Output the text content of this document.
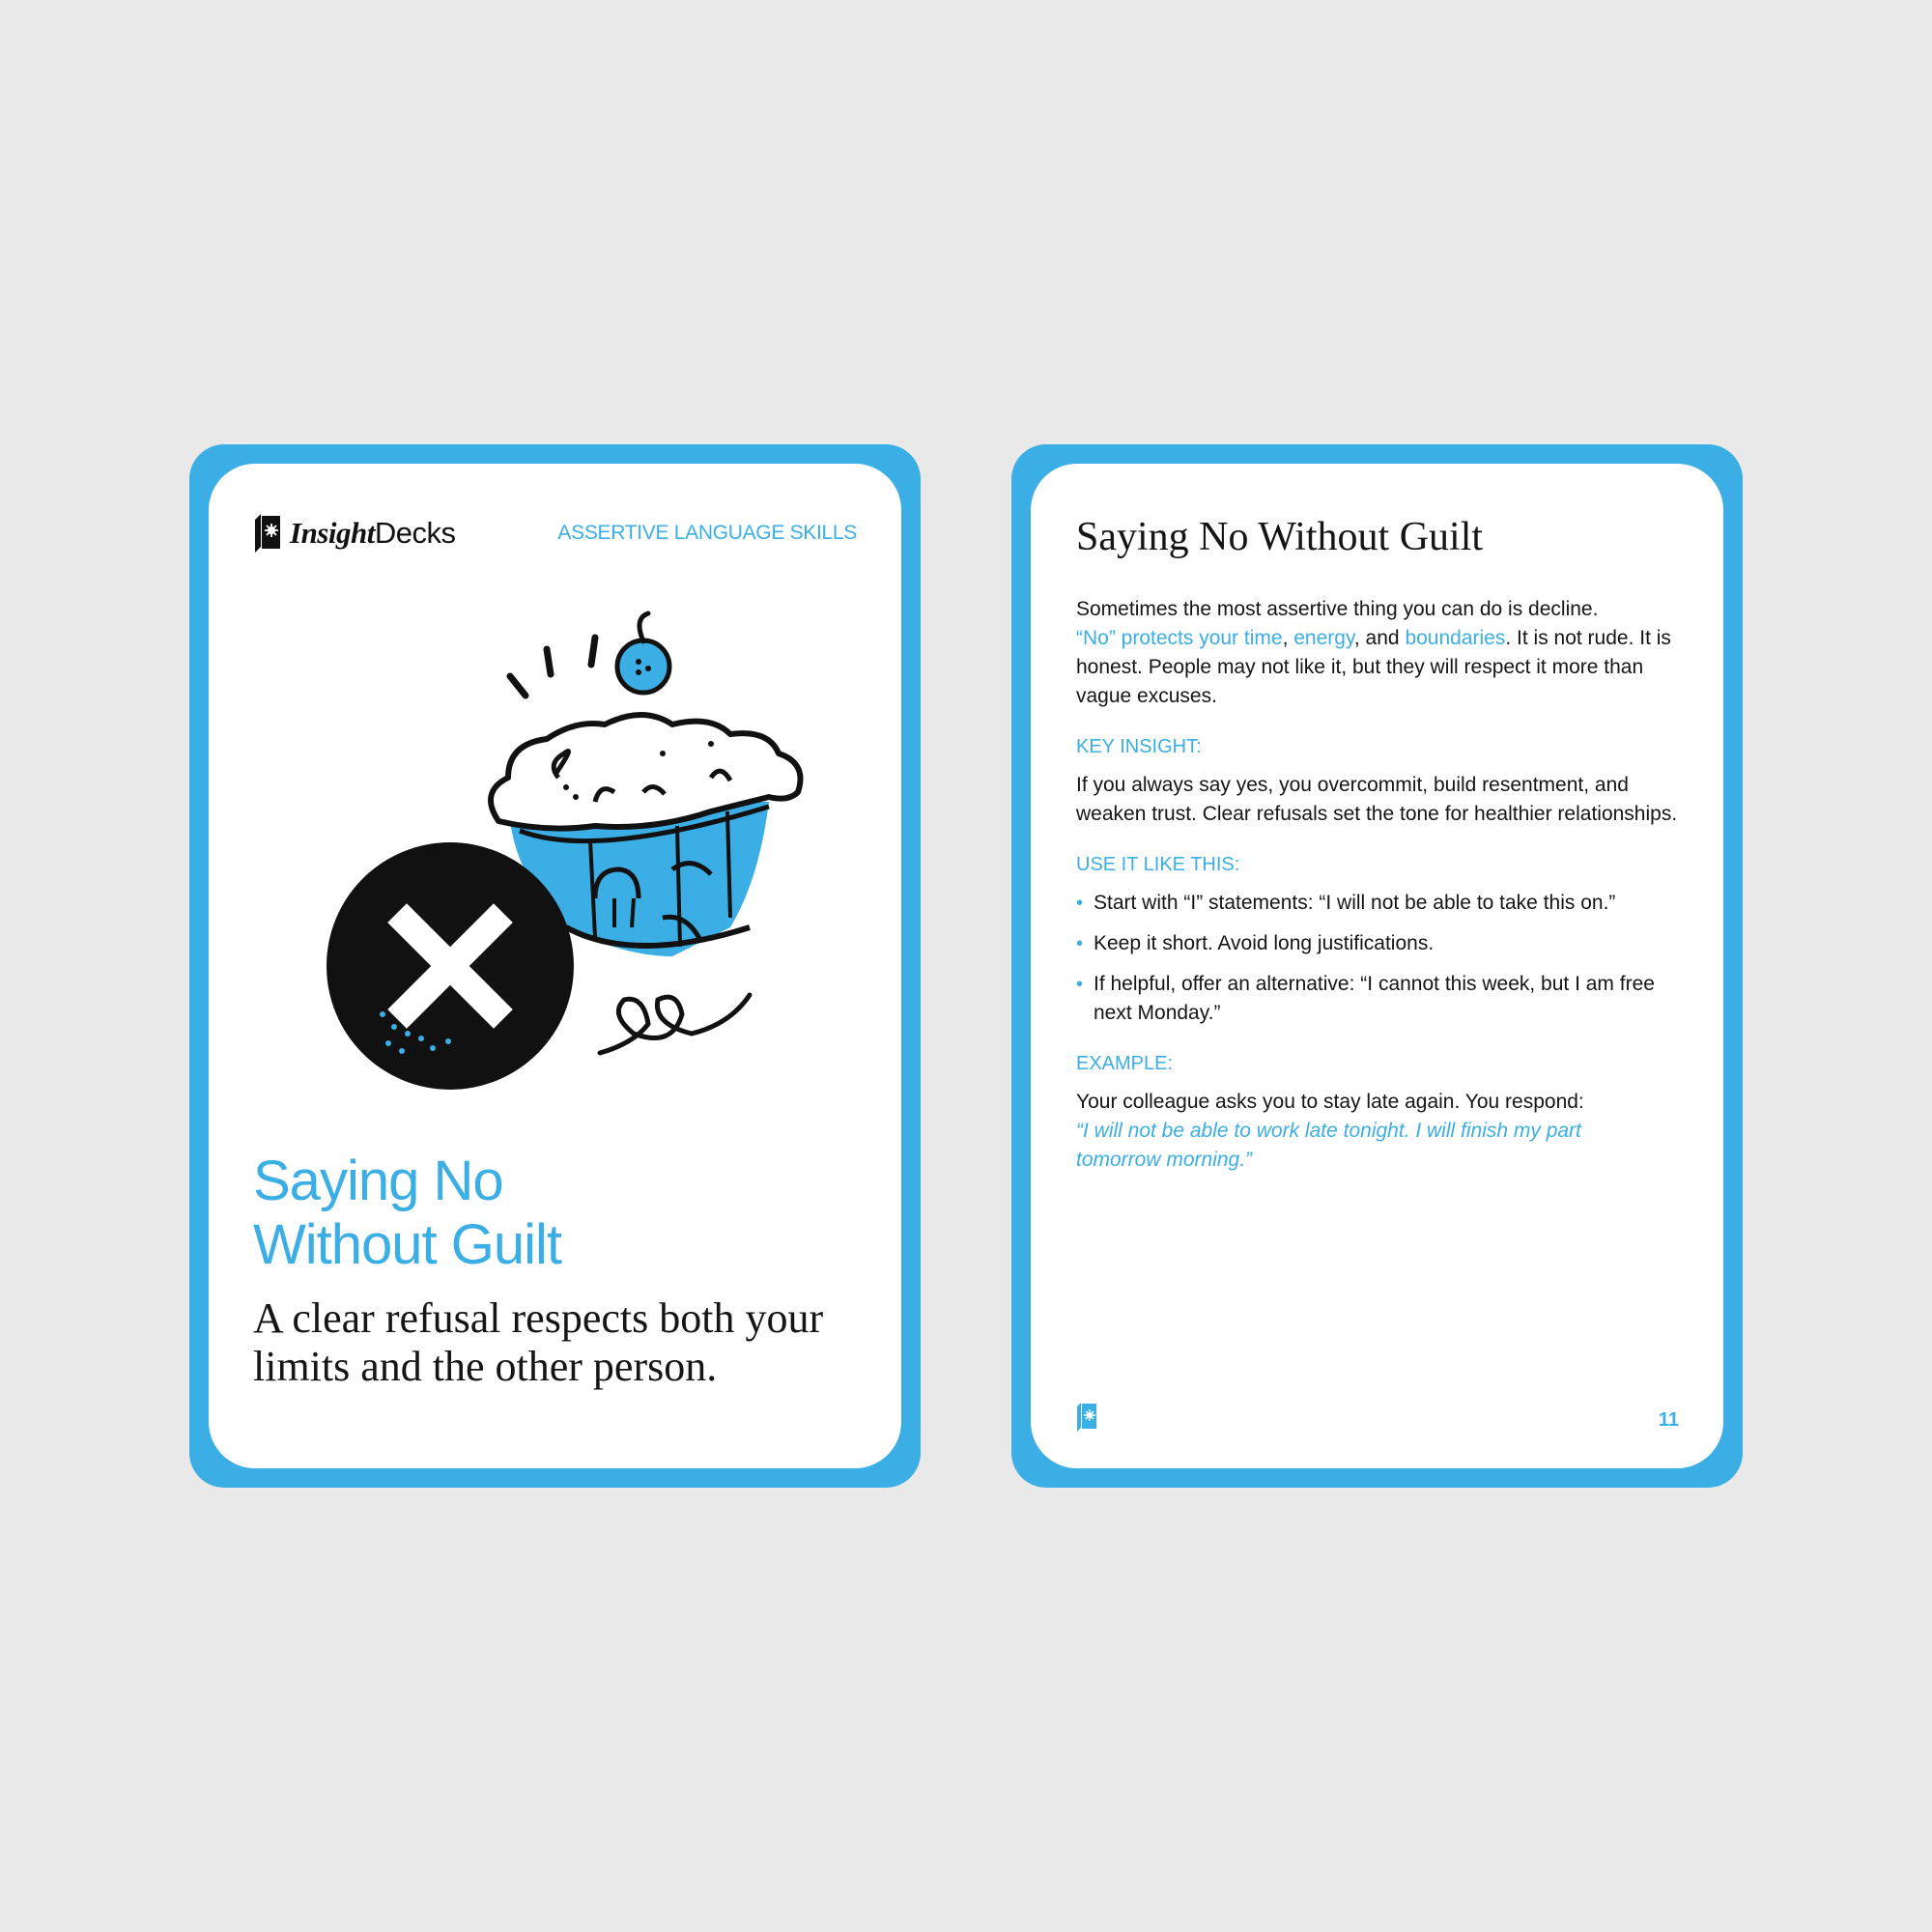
InsightDecks	ASSERTIVE LANGUAGE SKILLS
Saying No
Without Guilt
A clear refusal respects both your limits and the other person.
Saying No Without Guilt

Sometimes the most assertive thing you can do is decline.
“No” protects your time, energy, and boundaries. It is not rude. It is honest. People may not like it, but they will respect it more than vague excuses.

KEY INSIGHT:

If you always say yes, you overcommit, build resentment, and weaken trust. Clear refusals set the tone for healthier relationships.

USE IT LIKE THIS:
• Start with “I” statements: “I will not be able to take this on.”
• Keep it short. Avoid long justifications.
• If helpful, offer an alternative: “I cannot this week, but I am free next Monday.”
EXAMPLE:

Your colleague asks you to stay late again. You respond:

“I will not be able to work late tonight. I will finish my part tomorrow morning.”

11
